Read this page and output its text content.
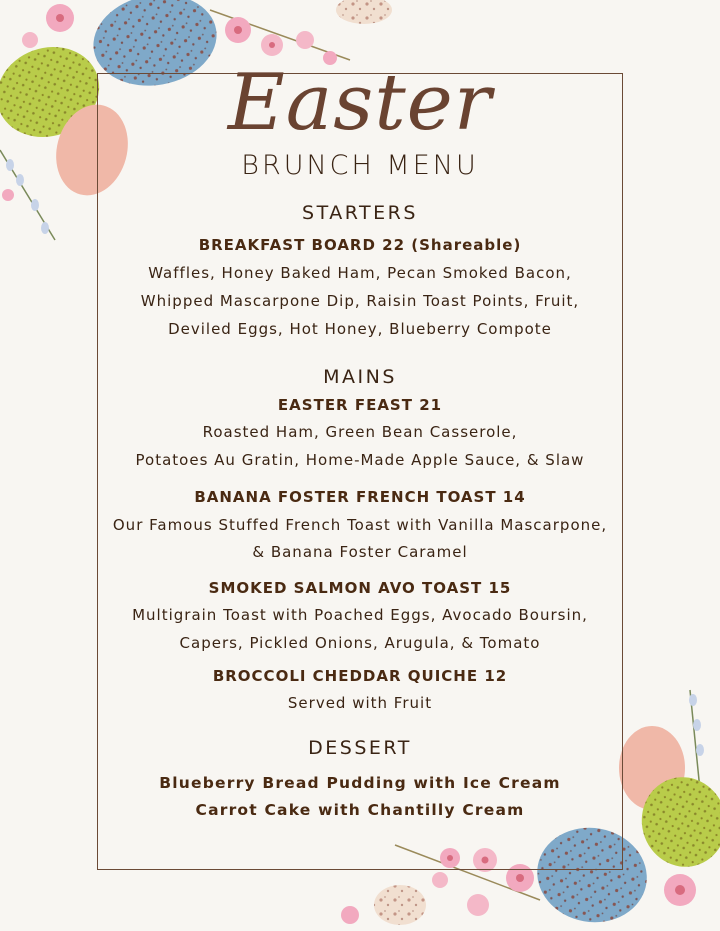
Easter
BRUNCH MENU
STARTERS
BREAKFAST BOARD 22 (Shareable)
Waffles, Honey Baked Ham, Pecan Smoked Bacon,
Whipped Mascarpone Dip, Raisin Toast Points, Fruit,
Deviled Eggs, Hot Honey, Blueberry Compote
MAINS
EASTER FEAST 21
Roasted Ham, Green Bean Casserole,
Potatoes Au Gratin, Home-Made Apple Sauce, & Slaw
BANANA FOSTER FRENCH TOAST 14
Our Famous Stuffed French Toast with Vanilla Mascarpone,
& Banana Foster Caramel
SMOKED SALMON AVO TOAST 15
Multigrain Toast with Poached Eggs, Avocado Boursin,
Capers, Pickled Onions, Arugula, & Tomato
BROCCOLI CHEDDAR QUICHE 12
Served with Fruit
DESSERT
Blueberry Bread Pudding with Ice Cream
Carrot Cake with Chantilly Cream
